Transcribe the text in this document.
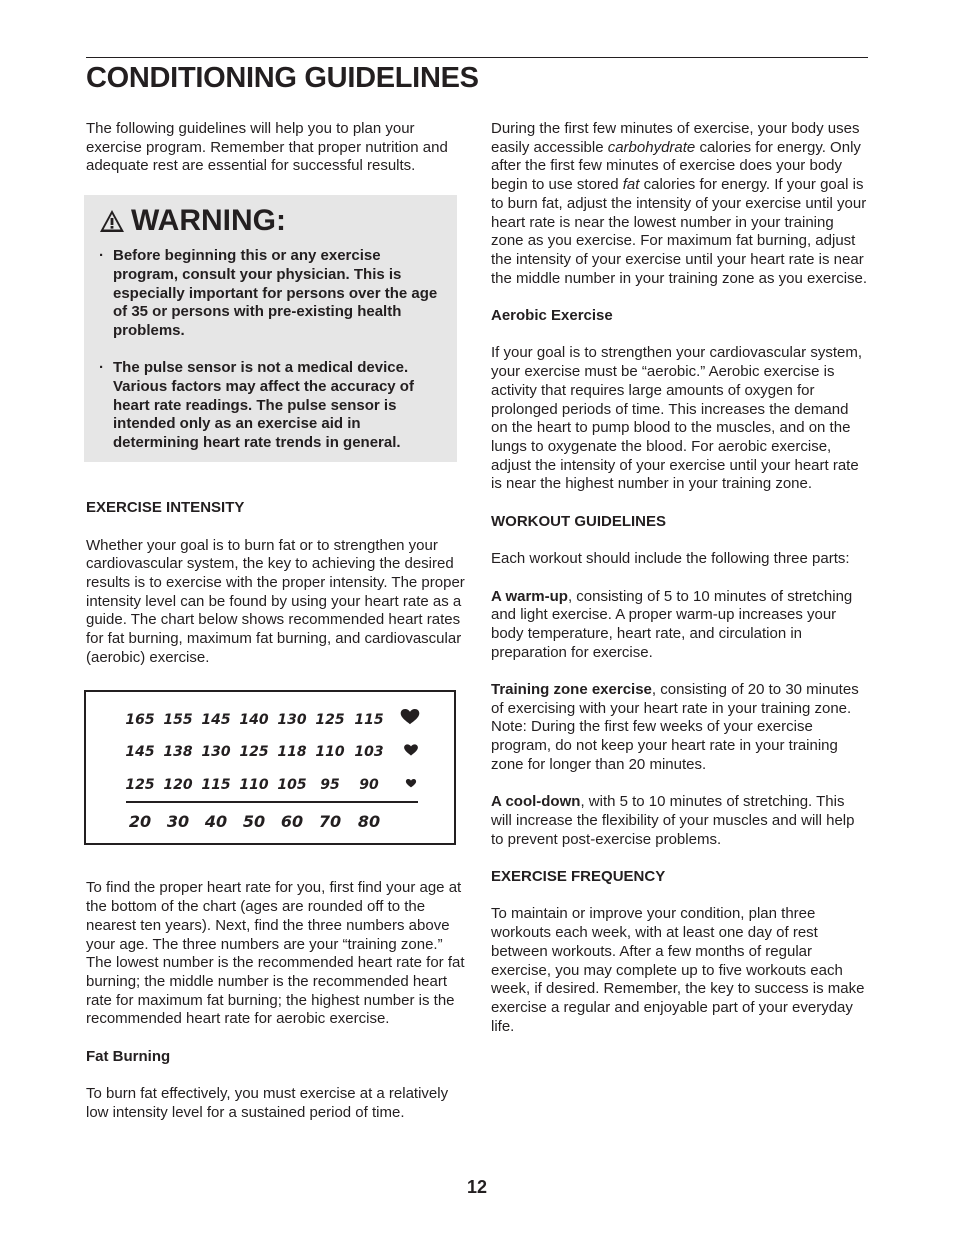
CONDITIONING GUIDELINES

The following guidelines will help you to plan your exercise program. Remember that proper nutrition and adequate rest are essential for successful results.

WARNING:
· Before beginning this or any exercise program, consult your physician. This is especially important for persons over the age of 35 or persons with pre-existing health problems.
· The pulse sensor is not a medical device. Various factors may affect the accuracy of heart rate readings. The pulse sensor is intended only as an exercise aid in determining heart rate trends in general.

EXERCISE INTENSITY

Whether your goal is to burn fat or to strengthen your cardiovascular system, the key to achieving the desired results is to exercise with the proper intensity. The proper intensity level can be found by using your heart rate as a guide. The chart below shows recommended heart rates for fat burning, maximum fat burning, and cardiovascular (aerobic) exercise.

To find the proper heart rate for you, first find your age at the bottom of the chart (ages are rounded off to the nearest ten years). Next, find the three numbers above your age. The three numbers are your “training zone.” The lowest number is the recommended heart rate for fat burning; the middle number is the recommended heart rate for maximum fat burning; the highest number is the recommended heart rate for aerobic exercise.

Fat Burning

To burn fat effectively, you must exercise at a relatively low intensity level for a sustained period of time.

165 155 145 140 130 125 115
145 138 130 125 118 110 103
125 120 115 110 105 95 90
20 30 40 50 60 70 80

During the first few minutes of exercise, your body uses easily accessible carbohydrate calories for energy. Only after the first few minutes of exercise does your body begin to use stored fat calories for energy. If your goal is to burn fat, adjust the intensity of your exercise until your heart rate is near the lowest number in your training zone as you exercise. For maximum fat burning, adjust the intensity of your exercise until your heart rate is near the middle number in your training zone as you exercise.

Aerobic Exercise

If your goal is to strengthen your cardiovascular system, your exercise must be “aerobic.” Aerobic exercise is activity that requires large amounts of oxygen for prolonged periods of time. This increases the demand on the heart to pump blood to the muscles, and on the lungs to oxygenate the blood. For aerobic exercise, adjust the intensity of your exercise until your heart rate is near the highest number in your training zone.

WORKOUT GUIDELINES

Each workout should include the following three parts:

A warm-up, consisting of 5 to 10 minutes of stretching and light exercise. A proper warm-up increases your body temperature, heart rate, and circulation in preparation for exercise.

Training zone exercise, consisting of 20 to 30 minutes of exercising with your heart rate in your training zone. Note: During the first few weeks of your exercise program, do not keep your heart rate in your training zone for longer than 20 minutes.

A cool-down, with 5 to 10 minutes of stretching. This will increase the flexibility of your muscles and will help to prevent post-exercise problems.

EXERCISE FREQUENCY

To maintain or improve your condition, plan three workouts each week, with at least one day of rest between workouts. After a few months of regular exercise, you may complete up to five workouts each week, if desired. Remember, the key to success is make exercise a regular and enjoyable part of your everyday life.

12
